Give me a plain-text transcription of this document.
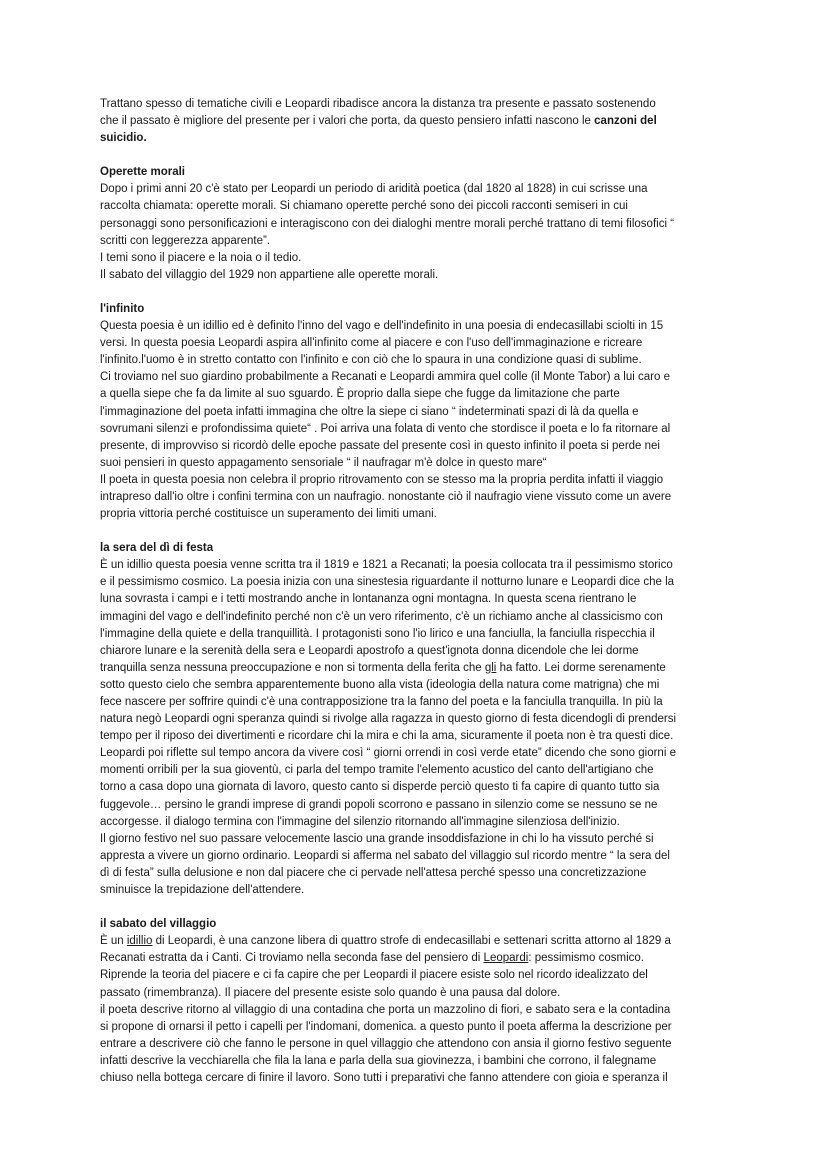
Trattano spesso di tematiche civili e Leopardi ribadisce ancora la distanza tra presente e passato sostenendo

che il passato è migliore del presente per i valori che porta, da questo pensiero infatti nascono le canzoni del

suicidio.

Operette morali

Dopo i primi anni 20 c'è stato per Leopardi un periodo di aridità poetica (dal 1820 al 1828) in cui scrisse una

raccolta chiamata: operette morali. Si chiamano operette perché sono dei piccoli racconti semiseri in cui

personaggi sono personificazioni e interagiscono con dei dialoghi mentre morali perché trattano di temi filosofici “

scritti con leggerezza apparente”.

I temi sono il piacere e la noia o il tedio.

Il sabato del villaggio del 1929 non appartiene alle operette morali.

l'infinito

Questa poesia è un idillio ed è definito l'inno del vago e dell'indefinito in una poesia di endecasillabi sciolti in 15

versi. In questa poesia Leopardi aspira all'infinito come al piacere e con l'uso dell'immaginazione e ricreare

l'infinito.l'uomo è in stretto contatto con l'infinito e con ciò che lo spaura in una condizione quasi di sublime.

Ci troviamo nel suo giardino probabilmente a Recanati e Leopardi ammira quel colle (il Monte Tabor) a lui caro e

a quella siepe che fa da limite al suo sguardo. È proprio dalla siepe che fugge da limitazione che parte

l'immaginazione del poeta infatti immagina che oltre la siepe ci siano “ indeterminati spazi di là da quella e

sovrumani silenzi e profondissima quiete“ . Poi arriva una folata di vento che stordisce il poeta e lo fa ritornare al

presente, di improvviso si ricordò delle epoche passate del presente così in questo infinito il poeta si perde nei

suoi pensieri in questo appagamento sensoriale “ il naufragar m'è dolce in questo mare“

Il poeta in questa poesia non celebra il proprio ritrovamento con se stesso ma la propria perdita infatti il viaggio

intrapreso dall'io oltre i confini termina con un naufragio. nonostante ciò il naufragio viene vissuto come un avere

propria vittoria perché costituisce un superamento dei limiti umani.

la sera del dì di festa

È un idillio questa poesia venne scritta tra il 1819 e 1821 a Recanati; la poesia collocata tra il pessimismo storico

e il pessimismo cosmico. La poesia inizia con una sinestesia riguardante il notturno lunare e Leopardi dice che la

luna sovrasta i campi e i tetti mostrando anche in lontananza ogni montagna. In questa scena rientrano le

immagini del vago e dell'indefinito perché non c'è un vero riferimento, c'è un richiamo anche al classicismo con

l'immagine della quiete e della tranquillità. I protagonisti sono l'io lirico e una fanciulla, la fanciulla rispecchia il

chiarore lunare e la serenità della sera e Leopardi apostrofo a quest'ignota donna dicendole che lei dorme

tranquilla senza nessuna preoccupazione e non si tormenta della ferita che gli ha fatto. Lei dorme serenamente

sotto questo cielo che sembra apparentemente buono alla vista (ideologia della natura come matrigna) che mi

fece nascere per soffrire quindi c'è una contrapposizione tra la fanno del poeta e la fanciulla tranquilla. In più la

natura negò Leopardi ogni speranza quindi si rivolge alla ragazza in questo giorno di festa dicendogli di prendersi

tempo per il riposo dei divertimenti e ricordare chi la mira e chi la ama, sicuramente il poeta non è tra questi dice.

Leopardi poi riflette sul tempo ancora da vivere così “ giorni orrendi in così verde etate” dicendo che sono giorni e

momenti orribili per la sua gioventù, ci parla del tempo tramite l'elemento acustico del canto dell'artigiano che

torno a casa dopo una giornata di lavoro, questo canto si disperde perciò questo ti fa capire di quanto tutto sia

fuggevole… persino le grandi imprese di grandi popoli scorrono e passano in silenzio come se nessuno se ne

accorgesse. il dialogo termina con l'immagine del silenzio ritornando all'immagine silenziosa dell'inizio.

Il giorno festivo nel suo passare velocemente lascio una grande insoddisfazione in chi lo ha vissuto perché si

appresta a vivere un giorno ordinario. Leopardi si afferma nel sabato del villaggio sul ricordo mentre “ la sera del

dì di festa” sulla delusione e non dal piacere che ci pervade nell'attesa perché spesso una concretizzazione

sminuisce la trepidazione dell'attendere.

il sabato del villaggio

È un idillio di Leopardi, è una canzone libera di quattro strofe di endecasillabi e settenari scritta attorno al 1829 a

Recanati estratta da i Canti. Ci troviamo nella seconda fase del pensiero di Leopardi: pessimismo cosmico.

Riprende la teoria del piacere e ci fa capire che per Leopardi il piacere esiste solo nel ricordo idealizzato del

passato (rimembranza). Il piacere del presente esiste solo quando è una pausa dal dolore.

il poeta descrive ritorno al villaggio di una contadina che porta un mazzolino di fiori, e sabato sera e la contadina

si propone di ornarsi il petto i capelli per l'indomani, domenica. a questo punto il poeta afferma la descrizione per

entrare a descrivere ciò che fanno le persone in quel villaggio che attendono con ansia il giorno festivo seguente

infatti descrive la vecchiarella che fila la lana e parla della sua giovinezza, i bambini che corrono, il falegname

chiuso nella bottega cercare di finire il lavoro. Sono tutti i preparativi che fanno attendere con gioia e speranza il
